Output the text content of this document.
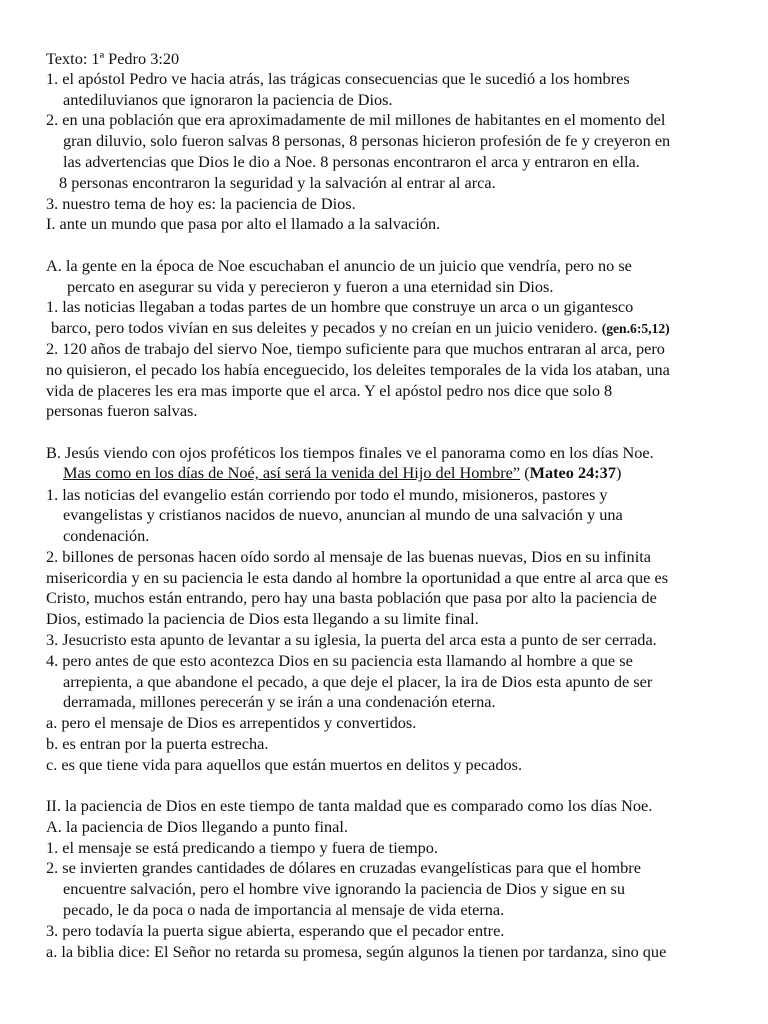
Texto: 1ª Pedro 3:20
1. el apóstol Pedro ve hacia atrás, las trágicas consecuencias que le sucedió a los hombres
antediluvianos que ignoraron la paciencia de Dios.
2. en una población que era aproximadamente de mil millones de habitantes en el momento del
gran diluvio, solo fueron salvas 8 personas, 8 personas hicieron profesión de fe y creyeron en
las advertencias que Dios le dio a Noe. 8 personas encontraron el arca y entraron en ella.
8 personas encontraron la seguridad y la salvación al entrar al arca.
3. nuestro tema de hoy es: la paciencia de Dios.
I. ante un mundo que pasa por alto el llamado a la salvación.
A. la gente en la época de Noe escuchaban el anuncio de un juicio que vendría, pero no se
percato en asegurar su vida y perecieron y fueron a una eternidad sin Dios.
1. las noticias llegaban a todas partes de un hombre que construye un arca o un gigantesco
barco, pero todos vivían en sus deleites y pecados y no creían en un juicio venidero. (gen.6:5,12)
2. 120 años de trabajo del siervo Noe, tiempo suficiente para que muchos entraran al arca, pero
no quisieron, el pecado los había enceguecido, los deleites temporales de la vida los ataban, una
vida de placeres les era mas importe que el arca. Y el apóstol pedro nos dice que solo 8
personas fueron salvas.
B. Jesús viendo con ojos proféticos los tiempos finales ve el panorama como en los días Noe.
Mas como en los días de Noé, así será la venida del Hijo del Hombre” (Mateo 24:37)
1. las noticias del evangelio están corriendo por todo el mundo, misioneros, pastores y
evangelistas y cristianos nacidos de nuevo, anuncian al mundo de una salvación y una
condenación.
2. billones de personas hacen oído sordo al mensaje de las buenas nuevas, Dios en su infinita
misericordia y en su paciencia le esta dando al hombre la oportunidad a que entre al arca que es
Cristo, muchos están entrando, pero hay una basta población que pasa por alto la paciencia de
Dios, estimado la paciencia de Dios esta llegando a su limite final.
3. Jesucristo esta apunto de levantar a su iglesia, la puerta del arca esta a punto de ser cerrada.
4. pero antes de que esto acontezca Dios en su paciencia esta llamando al hombre a que se
arrepienta, a que abandone el pecado, a que deje el placer, la ira de Dios esta apunto de ser
derramada, millones perecerán y se irán a una condenación eterna.
a. pero el mensaje de Dios es arrepentidos y convertidos.
b. es entran por la puerta estrecha.
c. es que tiene vida para aquellos que están muertos en delitos y pecados.
II. la paciencia de Dios en este tiempo de tanta maldad que es comparado como los días Noe.
A. la paciencia de Dios llegando a punto final.
1. el mensaje se está predicando a tiempo y fuera de tiempo.
2. se invierten grandes cantidades de dólares en cruzadas evangelísticas para que el hombre
encuentre salvación, pero el hombre vive ignorando la paciencia de Dios y sigue en su
pecado, le da poca o nada de importancia al mensaje de vida eterna.
3. pero todavía la puerta sigue abierta, esperando que el pecador entre.
a. la biblia dice: El Señor no retarda su promesa, según algunos la tienen por tardanza, sino que
